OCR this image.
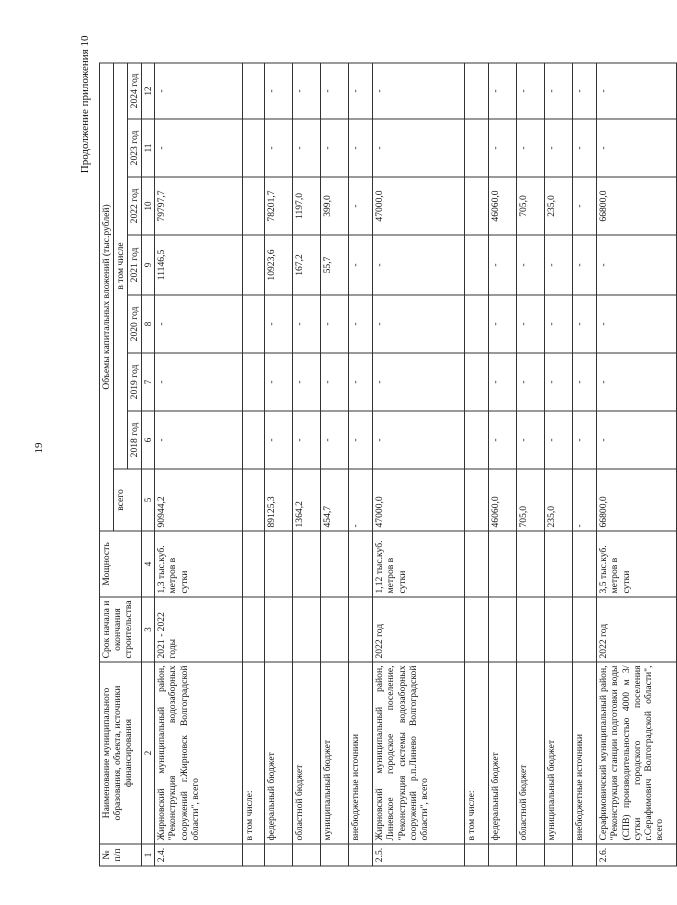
19
Продолжение приложения 10
№ п/п	Наименование муниципального образования, объекта, источники финансирования	Срок начала и окончания строительства	Мощность	Объемы капитальных вложений (тыс.рублей)							
				всего	в том числе						
					2018 год	2019 год	2020 год	2021 год	2022 год	2023 год	2024 год
1	2	3	4	5	6	7	8	9	10	11	12
2.4.	Жирновский муниципальный район, "Реконструкция водозаборных сооружений г.Жирновск Волгоградской области", всего	2021 - 2022 годы	1,3 тыс.куб. метров в сутки	90944,2	-	-	-	11146,5	79797,7	-	-
	в том числе:										
	федеральный бюджет			89125,3	-	-	-	10923,6	78201,7	-	-
	областной бюджет			1364,2	-	-	-	167,2	1197,0	-	-
	муниципальный бюджет			454,7	-	-	-	55,7	399,0	-	-
	внебюджетные источники			-	-	-	-	-	-	-	-
2.5.	Жирновский муниципальный район, Линевское городское поселение, "Реконструкция системы водозаборных сооружений р.п.Линево Волгоградской области", всего	2022 год	1,12 тыс.куб. метров в сутки	47000,0	-	-	-	-	47000,0	-	-
	в том числе:										
	федеральный бюджет			46060,0	-	-	-	-	46060,0	-	-
	областной бюджет			705,0	-	-	-	-	705,0	-	-
	муниципальный бюджет			235,0	-	-	-	-	235,0	-	-
	внебюджетные источники			-	-	-	-	-	-	-	-
2.6.	Серафимовичский муниципальный район, "Реконструкция станции подготовки воды (СПВ) производительностью 4000 м 3/сутки городского поселения г.Серафимович Волгоградской области", всего	2022 год	3,5 тыс.куб. метров в сутки	66800,0	-	-	-	-	66800,0	-	-
